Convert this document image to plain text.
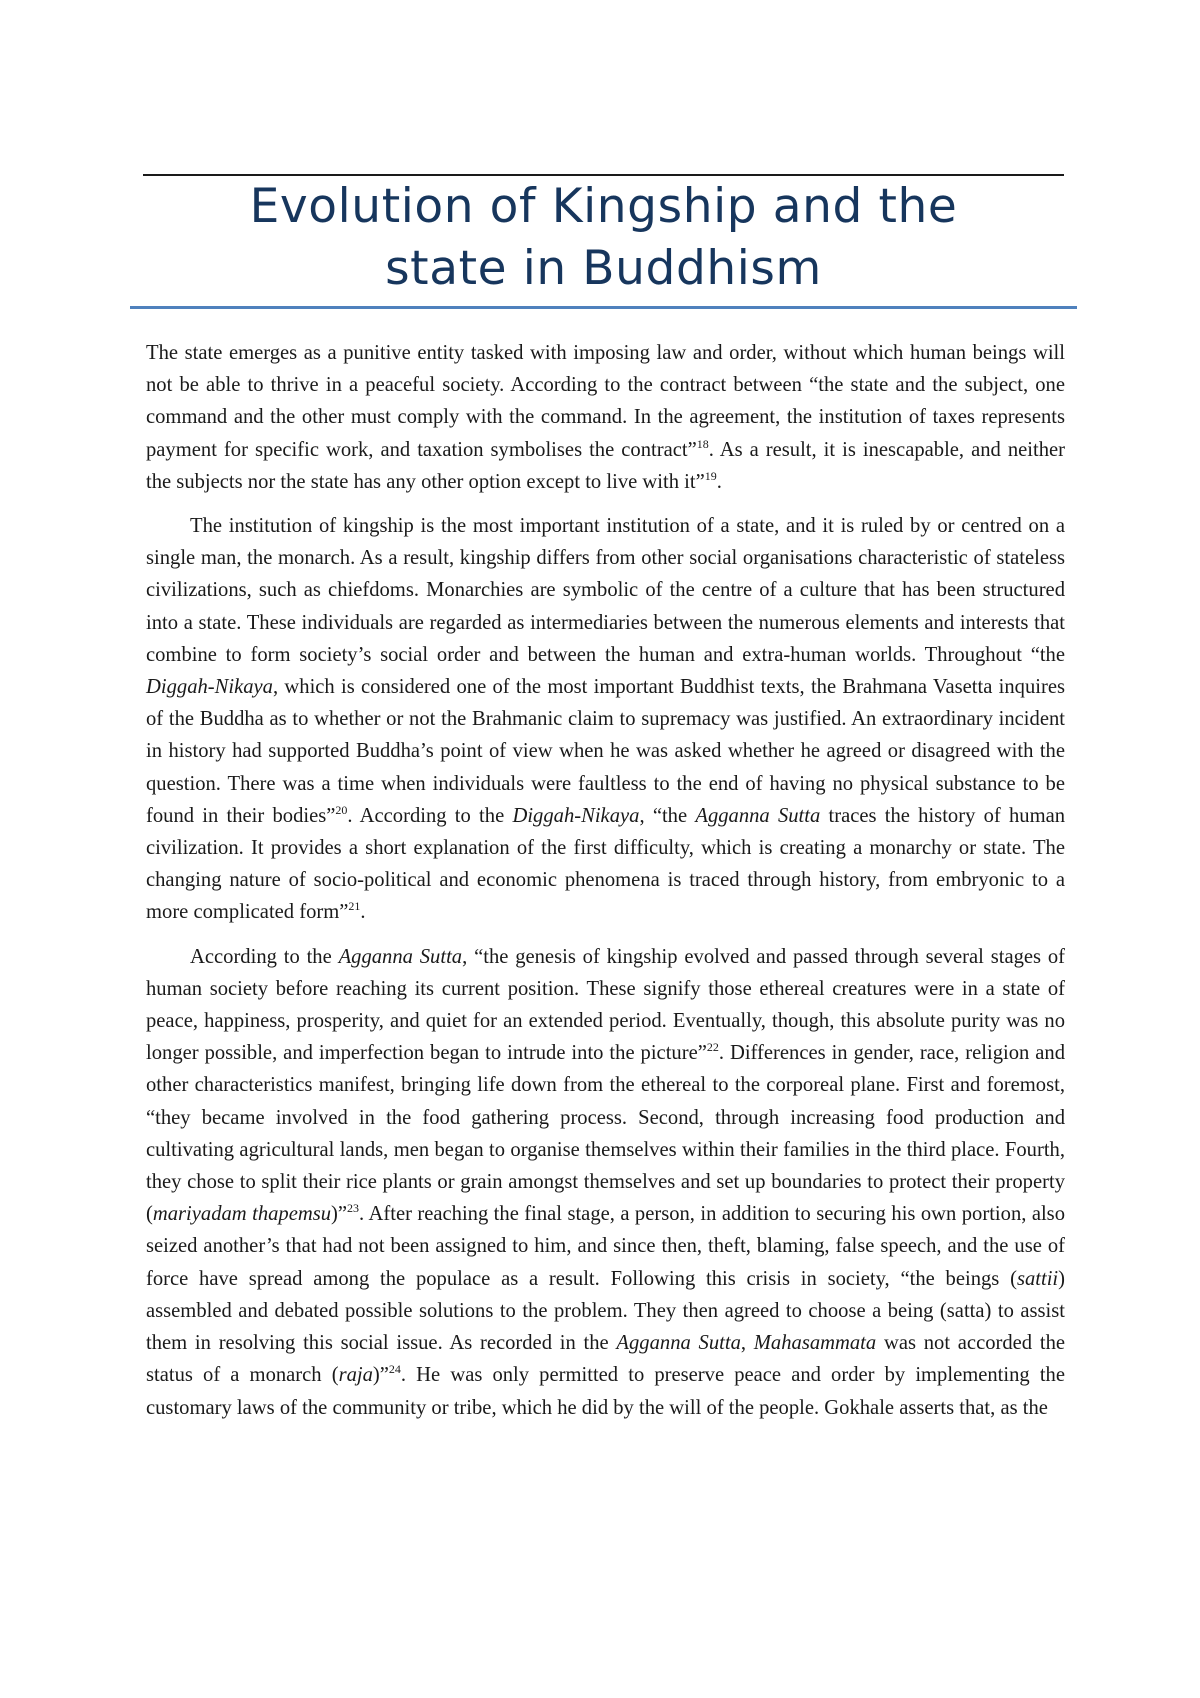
Evolution of Kingship and the
state in Buddhism

The state emerges as a punitive entity tasked with imposing law and order, without which human beings will not be able to thrive in a peaceful society. According to the contract between “the state and the subject, one command and the other must comply with the command. In the agreement, the institution of taxes represents payment for specific work, and taxation symbolises the contract”$^{18}$. As a result, it is inescapable, and neither the subjects nor the state has any other option except to live with it”$^{19}$.

The institution of kingship is the most important institution of a state, and it is ruled by or centred on a single man, the monarch. As a result, kingship differs from other social organisations characteristic of stateless civilizations, such as chiefdoms. Monarchies are symbolic of the centre of a culture that has been structured into a state. These individuals are regarded as intermediaries between the numerous elements and interests that combine to form society’s social order and between the human and extra-human worlds. Throughout “the Diggah-Nikaya, which is considered one of the most important Buddhist texts, the Brahmana Vasetta inquires of the Buddha as to whether or not the Brahmanic claim to supremacy was justified. An extraordinary incident in history had supported Buddha’s point of view when he was asked whether he agreed or disagreed with the question. There was a time when individuals were faultless to the end of having no physical substance to be found in their bodies”$^{20}$. According to the Diggah-Nikaya, “the Agganna Sutta traces the history of human civilization. It provides a short explanation of the first difficulty, which is creating a monarchy or state. The changing nature of socio-political and economic phenomena is traced through history, from embryonic to a more complicated form”$^{21}$.

According to the Agganna Sutta, “the genesis of kingship evolved and passed through several stages of human society before reaching its current position. These signify those ethereal creatures were in a state of peace, happiness, prosperity, and quiet for an extended period. Eventually, though, this absolute purity was no longer possible, and imperfection began to intrude into the picture”$^{22}$. Differences in gender, race, religion and other characteristics manifest, bringing life down from the ethereal to the corporeal plane. First and foremost, “they became involved in the food gathering process. Second, through increasing food production and cultivating agricultural lands, men began to organise themselves within their families in the third place. Fourth, they chose to split their rice plants or grain amongst themselves and set up boundaries to protect their property (mariyadam thapemsu)”$^{23}$. After reaching the final stage, a person, in addition to securing his own portion, also seized another’s that had not been assigned to him, and since then, theft, blaming, false speech, and the use of force have spread among the populace as a result. Following this crisis in society, “the beings (sattii) assembled and debated possible solutions to the problem. They then agreed to choose a being (satta) to assist them in resolving this social issue. As recorded in the Agganna Sutta, Mahasammata was not accorded the status of a monarch (raja)”$^{24}$. He was only permitted to preserve peace and order by implementing the customary laws of the community or tribe, which he did by the will of the people. Gokhale asserts that, as the
